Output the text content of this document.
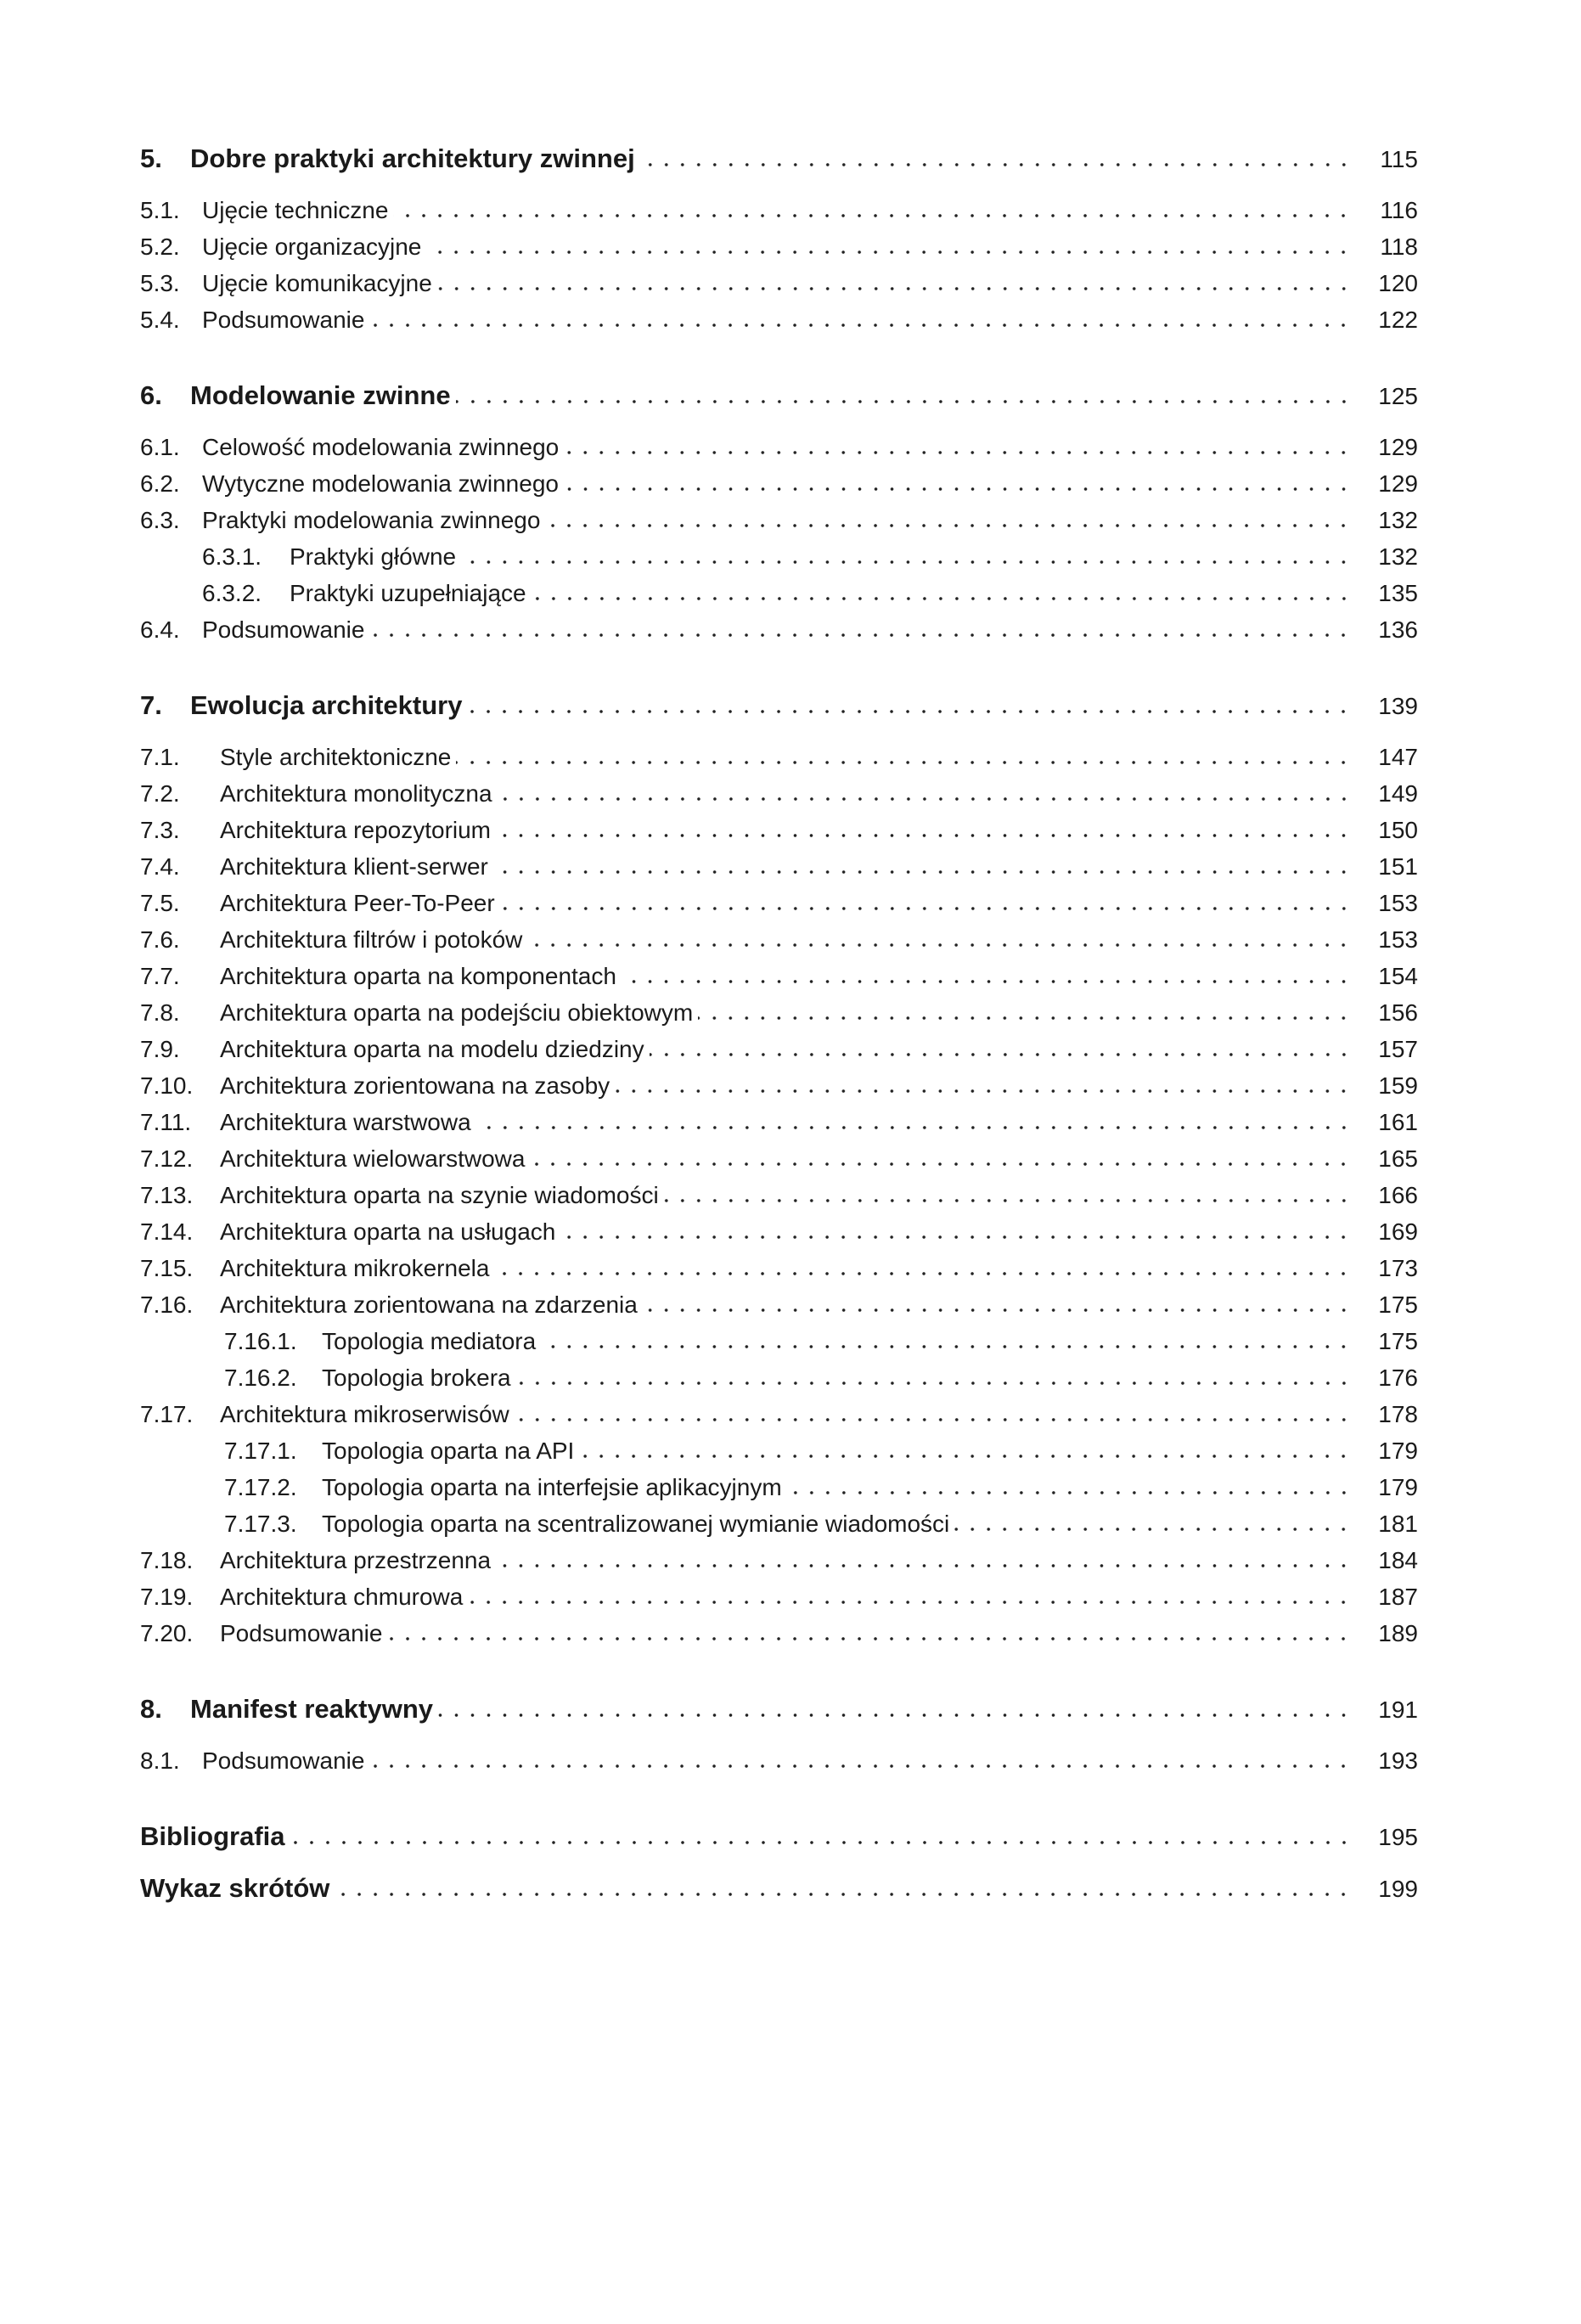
5.	Dobre praktyki architektury zwinnej	115
5.1. Ujęcie techniczne	116
5.2. Ujęcie organizacyjne	118
5.3. Ujęcie komunikacyjne	120
5.4. Podsumowanie	122
6.	Modelowanie zwinne	125
6.1. Celowość modelowania zwinnego	129
6.2. Wytyczne modelowania zwinnego	129
6.3. Praktyki modelowania zwinnego	132
6.3.1.	Praktyki główne	132
6.3.2.	Praktyki uzupełniające	135
6.4. Podsumowanie	136
7.	Ewolucja architektury	139
7.1.	Style architektoniczne	147
7.2.	Architektura monolityczna	149
7.3.	Architektura repozytorium	150
7.4.	Architektura klient-serwer	151
7.5.	Architektura Peer-To-Peer	153
7.6.	Architektura filtrów i potoków	153
7.7.	Architektura oparta na komponentach	154
7.8.	Architektura oparta na podejściu obiektowym	156
7.9.	Architektura oparta na modelu dziedziny	157
7.10.	Architektura zorientowana na zasoby	159
7.11.	Architektura warstwowa	161
7.12.	Architektura wielowarstwowa	165
7.13.	Architektura oparta na szynie wiadomości	166
7.14.	Architektura oparta na usługach	169
7.15.	Architektura mikrokernela	173
7.16.	Architektura zorientowana na zdarzenia	175
7.16.1.	Topologia mediatora	175
7.16.2.	Topologia brokera	176
7.17.	Architektura mikroserwisów	178
7.17.1.	Topologia oparta na API	179
7.17.2.	Topologia oparta na interfejsie aplikacyjnym	179
7.17.3.	Topologia oparta na scentralizowanej wymianie wiadomości	181
7.18.	Architektura przestrzenna	184
7.19.	Architektura chmurowa	187
7.20.	Podsumowanie	189
8.	Manifest reaktywny	191
8.1. Podsumowanie	193
Bibliografia	195
Wykaz skrótów	199
